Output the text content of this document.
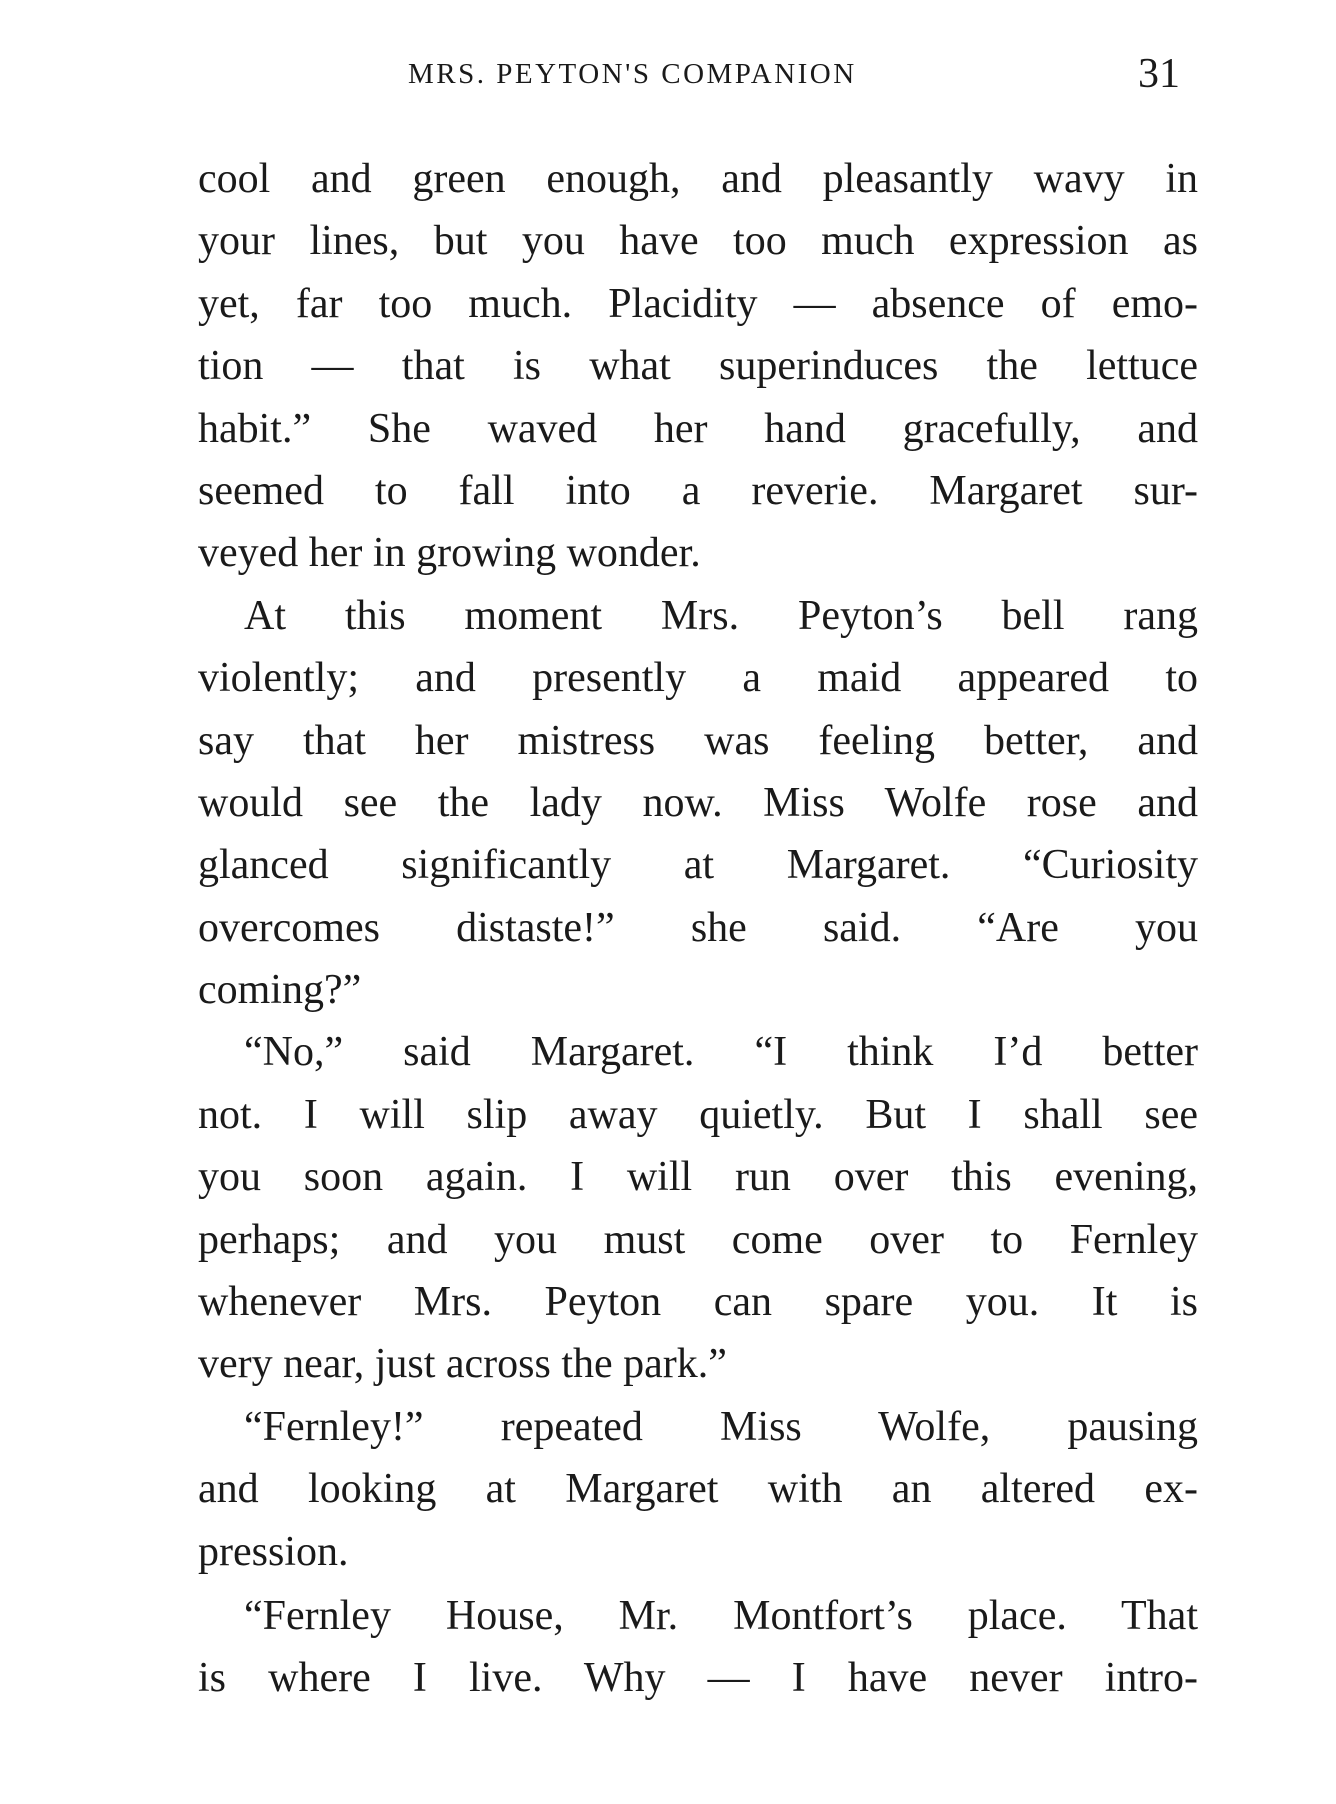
MRS. PEYTON'S COMPANION	31
cool and green enough, and pleasantly wavy in
your lines, but you have too much expression as
yet, far too much. Placidity — absence of emo-
tion — that is what superinduces the lettuce
habit.” She waved her hand gracefully, and
seemed to fall into a reverie. Margaret sur-
veyed her in growing wonder.
At this moment Mrs. Peyton’s bell rang
violently; and presently a maid appeared to
say that her mistress was feeling better, and
would see the lady now. Miss Wolfe rose and
glanced significantly at Margaret. “Curiosity
overcomes distaste!” she said. “Are you
coming?”
“No,” said Margaret. “I think I’d better
not. I will slip away quietly. But I shall see
you soon again. I will run over this evening,
perhaps; and you must come over to Fernley
whenever Mrs. Peyton can spare you. It is
very near, just across the park.”
“Fernley!” repeated Miss Wolfe, pausing
and looking at Margaret with an altered ex-
pression.
“Fernley House, Mr. Montfort’s place. That
is where I live. Why — I have never intro-
